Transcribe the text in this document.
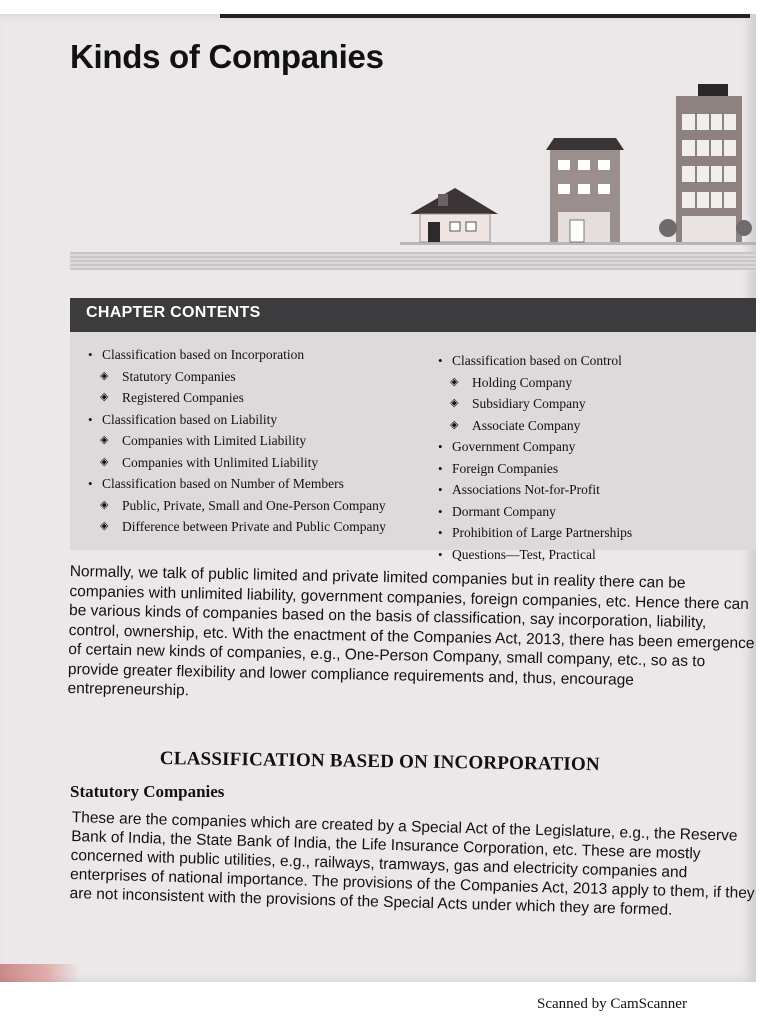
Kinds of Companies
CHAPTER CONTENTS
• Classification based on Incorporation
◈ Statutory Companies
◈ Registered Companies
• Classification based on Liability
◈ Companies with Limited Liability
◈ Companies with Unlimited Liability
• Classification based on Number of Members
◈ Public, Private, Small and One-Person Company
◈ Difference between Private and Public Company
• Classification based on Control
◈ Holding Company
◈ Subsidiary Company
◈ Associate Company
• Government Company
• Foreign Companies
• Associations Not-for-Profit
• Dormant Company
• Prohibition of Large Partnerships
• Questions—Test, Practical
Normally, we talk of public limited and private limited companies but in reality there can be companies with unlimited liability, government companies, foreign companies, etc. Hence there can be various kinds of companies based on the basis of classification, say incorporation, liability, control, ownership, etc. With the enactment of the Companies Act, 2013, there has been emergence of certain new kinds of companies, e.g., One-Person Company, small company, etc., so as to provide greater flexibility and lower compliance requirements and, thus, encourage entrepreneurship.
CLASSIFICATION BASED ON INCORPORATION
Statutory Companies
These are the companies which are created by a Special Act of the Legislature, e.g., the Reserve Bank of India, the State Bank of India, the Life Insurance Corporation, etc. These are mostly concerned with public utilities, e.g., railways, tramways, gas and electricity companies and enterprises of national importance. The provisions of the Companies Act, 2013 apply to them, if they are not inconsistent with the provisions of the Special Acts under which they are formed.
Scanned by CamScanner
